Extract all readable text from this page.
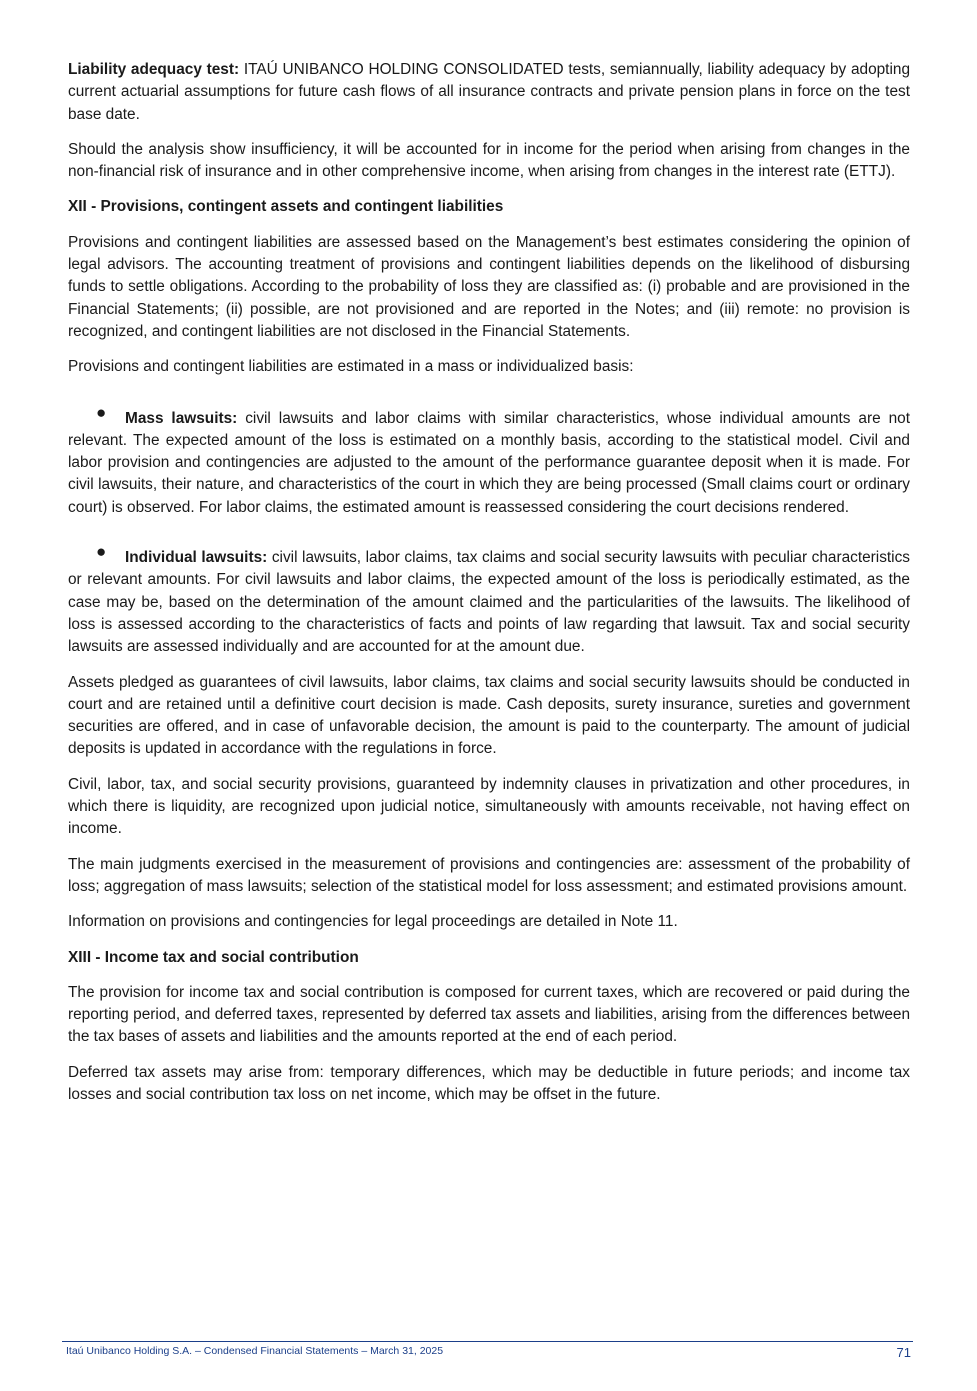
Liability adequacy test: ITAÚ UNIBANCO HOLDING CONSOLIDATED tests, semiannually, liability adequacy by adopting current actuarial assumptions for future cash flows of all insurance contracts and private pension plans in force on the test base date.

Should the analysis show insufficiency, it will be accounted for in income for the period when arising from changes in the non-financial risk of insurance and in other comprehensive income, when arising from changes in the interest rate (ETTJ).

XII - Provisions, contingent assets and contingent liabilities

Provisions and contingent liabilities are assessed based on the Management’s best estimates considering the opinion of legal advisors. The accounting treatment of provisions and contingent liabilities depends on the likelihood of disbursing funds to settle obligations. According to the probability of loss they are classified as: (i) probable and are provisioned in the Financial Statements; (ii) possible, are not provisioned and are reported in the Notes; and (iii) remote: no provision is recognized, and contingent liabilities are not disclosed in the Financial Statements.

Provisions and contingent liabilities are estimated in a mass or individualized basis:

● Mass lawsuits: civil lawsuits and labor claims with similar characteristics, whose individual amounts are not relevant. The expected amount of the loss is estimated on a monthly basis, according to the statistical model. Civil and labor provision and contingencies are adjusted to the amount of the performance guarantee deposit when it is made. For civil lawsuits, their nature, and characteristics of the court in which they are being processed (Small claims court or ordinary court) is observed. For labor claims, the estimated amount is reassessed considering the court decisions rendered.

● Individual lawsuits: civil lawsuits, labor claims, tax claims and social security lawsuits with peculiar characteristics or relevant amounts. For civil lawsuits and labor claims, the expected amount of the loss is periodically estimated, as the case may be, based on the determination of the amount claimed and the particularities of the lawsuits. The likelihood of loss is assessed according to the characteristics of facts and points of law regarding that lawsuit. Tax and social security lawsuits are assessed individually and are accounted for at the amount due.

Assets pledged as guarantees of civil lawsuits, labor claims, tax claims and social security lawsuits should be conducted in court and are retained until a definitive court decision is made. Cash deposits, surety insurance, sureties and government securities are offered, and in case of unfavorable decision, the amount is paid to the counterparty. The amount of judicial deposits is updated in accordance with the regulations in force.

Civil, labor, tax, and social security provisions, guaranteed by indemnity clauses in privatization and other procedures, in which there is liquidity, are recognized upon judicial notice, simultaneously with amounts receivable, not having effect on income.

The main judgments exercised in the measurement of provisions and contingencies are: assessment of the probability of loss; aggregation of mass lawsuits; selection of the statistical model for loss assessment; and estimated provisions amount.

Information on provisions and contingencies for legal proceedings are detailed in Note 11.

XIII - Income tax and social contribution

The provision for income tax and social contribution is composed for current taxes, which are recovered or paid during the reporting period, and deferred taxes, represented by deferred tax assets and liabilities, arising from the differences between the tax bases of assets and liabilities and the amounts reported at the end of each period.

Deferred tax assets may arise from: temporary differences, which may be deductible in future periods; and income tax losses and social contribution tax loss on net income, which may be offset in the future.

Itaú Unibanco Holding S.A. – Condensed Financial Statements – March 31, 2025	71
